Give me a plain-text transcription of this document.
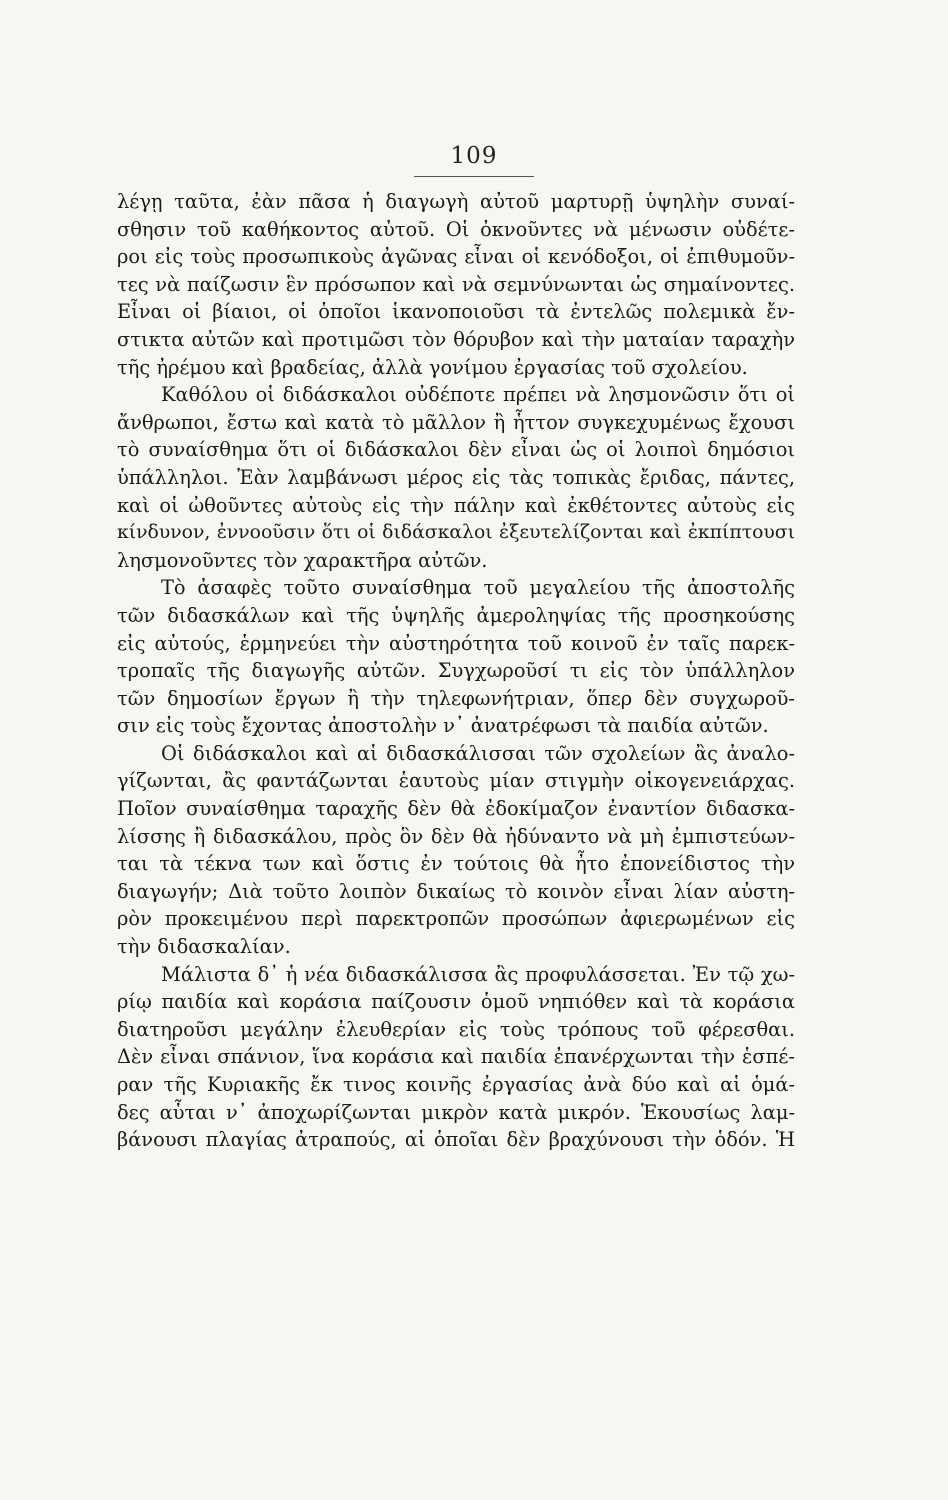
109
λέγῃ ταῦτα, ἐὰν πᾶσα ἡ διαγωγὴ αὐτοῦ μαρτυρῇ ὑψηλὴν συναί-
σθησιν τοῦ καθήκοντος αὐτοῦ. Οἱ ὀκνοῦντες νὰ μένωσιν οὐδέτε-
ροι εἰς τοὺς προσωπικοὺς ἀγῶνας εἶναι οἱ κενόδοξοι, οἱ ἐπιθυμοῦν-
τες νὰ παίζωσιν ἓν πρόσωπον καὶ νὰ σεμνύνωνται ὡς σημαίνοντες.
Εἶναι οἱ βίαιοι, οἱ ὁποῖοι ἱκανοποιοῦσι τὰ ἐντελῶς πολεμικὰ ἔν-
στικτα αὐτῶν καὶ προτιμῶσι τὸν θόρυβον καὶ τὴν ματαίαν ταραχὴν
τῆς ἠρέμου καὶ βραδείας, ἀλλὰ γονίμου ἐργασίας τοῦ σχολείου.
Καθόλου οἱ διδάσκαλοι οὐδέποτε πρέπει νὰ λησμονῶσιν ὅτι οἱ
ἄνθρωποι, ἔστω καὶ κατὰ τὸ μᾶλλον ἢ ἧττον συγκεχυμένως ἔχουσι
τὸ συναίσθημα ὅτι οἱ διδάσκαλοι δὲν εἶναι ὡς οἱ λοιποὶ δημόσιοι
ὑπάλληλοι. Ἐὰν λαμβάνωσι μέρος εἰς τὰς τοπικὰς ἔριδας, πάντες,
καὶ οἱ ὠθοῦντες αὐτοὺς εἰς τὴν πάλην καὶ ἐκθέτοντες αὐτοὺς εἰς
κίνδυνον, ἐννοοῦσιν ὅτι οἱ διδάσκαλοι ἐξευτελίζονται καὶ ἐκπίπτουσι
λησμονοῦντες τὸν χαρακτῆρα αὐτῶν.
Τὸ ἀσαφὲς τοῦτο συναίσθημα τοῦ μεγαλείου τῆς ἀποστολῆς
τῶν διδασκάλων καὶ τῆς ὑψηλῆς ἀμεροληψίας τῆς προσηκούσης
εἰς αὐτούς, ἑρμηνεύει τὴν αὐστηρότητα τοῦ κοινοῦ ἐν ταῖς παρεκ-
τροπαῖς τῆς διαγωγῆς αὐτῶν. Συγχωροῦσί τι εἰς τὸν ὑπάλληλον
τῶν δημοσίων ἔργων ἢ τὴν τηλεφωνήτριαν, ὅπερ δὲν συγχωροῦ-
σιν εἰς τοὺς ἔχοντας ἀποστολὴν ν᾽ ἀνατρέφωσι τὰ παιδία αὐτῶν.
Οἱ διδάσκαλοι καὶ αἱ διδασκάλισσαι τῶν σχολείων ἂς ἀναλο-
γίζωνται, ἂς φαντάζωνται ἑαυτοὺς μίαν στιγμὴν οἰκογενειάρχας.
Ποῖον συναίσθημα ταραχῆς δὲν θὰ ἐδοκίμαζον ἐναντίον διδασκα-
λίσσης ἢ διδασκάλου, πρὸς ὃν δὲν θὰ ἠδύναντο νὰ μὴ ἐμπιστεύων-
ται τὰ τέκνα των καὶ ὅστις ἐν τούτοις θὰ ἦτο ἐπονείδιστος τὴν
διαγωγήν; Διὰ τοῦτο λοιπὸν δικαίως τὸ κοινὸν εἶναι λίαν αὐστη-
ρὸν προκειμένου περὶ παρεκτροπῶν προσώπων ἀφιερωμένων εἰς
τὴν διδασκαλίαν.
Μάλιστα δ᾽ ἡ νέα διδασκάλισσα ἂς προφυλάσσεται. Ἐν τῷ χω-
ρίῳ παιδία καὶ κοράσια παίζουσιν ὁμοῦ νηπιόθεν καὶ τὰ κοράσια
διατηροῦσι μεγάλην ἐλευθερίαν εἰς τοὺς τρόπους τοῦ φέρεσθαι.
Δὲν εἶναι σπάνιον, ἵνα κοράσια καὶ παιδία ἐπανέρχωνται τὴν ἑσπέ-
ραν τῆς Κυριακῆς ἔκ τινος κοινῆς ἐργασίας ἀνὰ δύο καὶ αἱ ὁμά-
δες αὗται ν᾽ ἀποχωρίζωνται μικρὸν κατὰ μικρόν. Ἑκουσίως λαμ-
βάνουσι πλαγίας ἀτραπούς, αἱ ὁποῖαι δὲν βραχύνουσι τὴν ὁδόν. Ἡ
